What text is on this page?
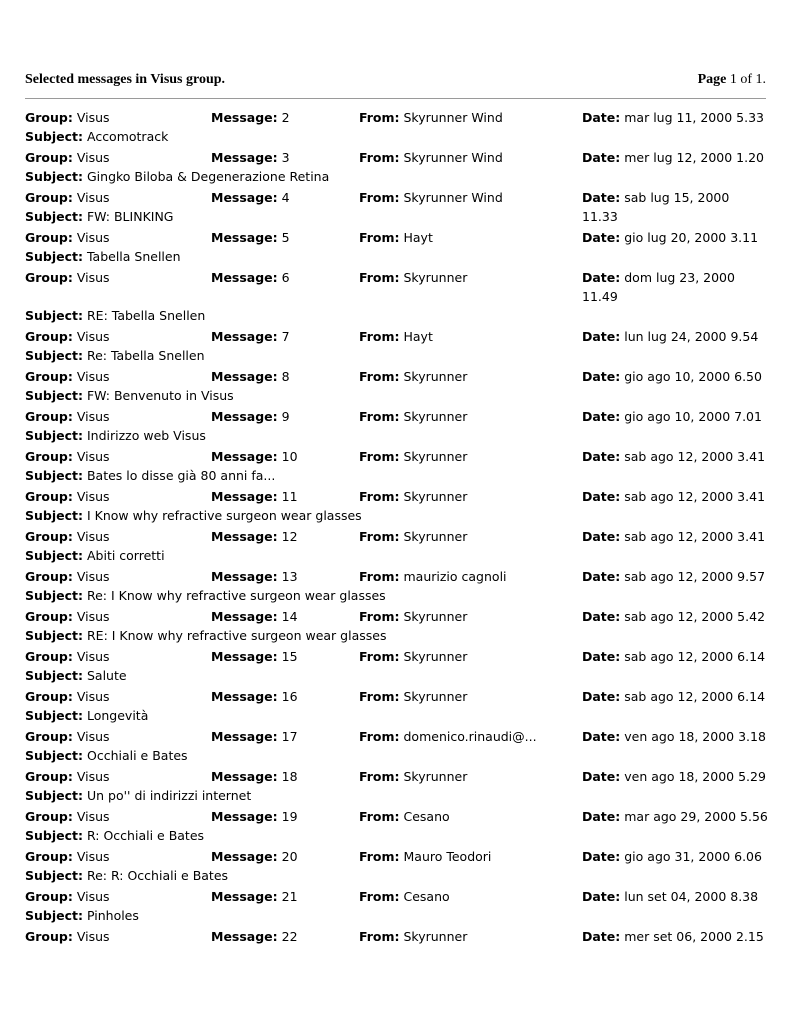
Selected messages in Visus group.	Page 1 of 1.
Group: Visus	Message: 2	From: Skyrunner Wind	Date: mar lug 11, 2000 5.33
Subject: Accomotrack
Group: Visus	Message: 3	From: Skyrunner Wind	Date: mer lug 12, 2000 1.20
Subject: Gingko Biloba & Degenerazione Retina
Group: Visus	Message: 4	From: Skyrunner Wind	Date: sab lug 15, 2000 11.33
Subject: FW: BLINKING
Group: Visus	Message: 5	From: Hayt	Date: gio lug 20, 2000 3.11
Subject: Tabella Snellen
Group: Visus	Message: 6	From: Skyrunner	Date: dom lug 23, 2000 11.49
Subject: RE: Tabella Snellen
Group: Visus	Message: 7	From: Hayt	Date: lun lug 24, 2000 9.54
Subject: Re: Tabella Snellen
Group: Visus	Message: 8	From: Skyrunner	Date: gio ago 10, 2000 6.50
Subject: FW: Benvenuto in Visus
Group: Visus	Message: 9	From: Skyrunner	Date: gio ago 10, 2000 7.01
Subject: Indirizzo web Visus
Group: Visus	Message: 10	From: Skyrunner	Date: sab ago 12, 2000 3.41
Subject: Bates lo disse già 80 anni fa...
Group: Visus	Message: 11	From: Skyrunner	Date: sab ago 12, 2000 3.41
Subject: I Know why refractive surgeon wear glasses
Group: Visus	Message: 12	From: Skyrunner	Date: sab ago 12, 2000 3.41
Subject: Abiti corretti
Group: Visus	Message: 13	From: maurizio cagnoli	Date: sab ago 12, 2000 9.57
Subject: Re: I Know why refractive surgeon wear glasses
Group: Visus	Message: 14	From: Skyrunner	Date: sab ago 12, 2000 5.42
Subject: RE: I Know why refractive surgeon wear glasses
Group: Visus	Message: 15	From: Skyrunner	Date: sab ago 12, 2000 6.14
Subject: Salute
Group: Visus	Message: 16	From: Skyrunner	Date: sab ago 12, 2000 6.14
Subject: Longevità
Group: Visus	Message: 17	From: domenico.rinaudi@...	Date: ven ago 18, 2000 3.18
Subject: Occhiali e Bates
Group: Visus	Message: 18	From: Skyrunner	Date: ven ago 18, 2000 5.29
Subject: Un po'' di indirizzi internet
Group: Visus	Message: 19	From: Cesano	Date: mar ago 29, 2000 5.56
Subject: R: Occhiali e Bates
Group: Visus	Message: 20	From: Mauro Teodori	Date: gio ago 31, 2000 6.06
Subject: Re: R: Occhiali e Bates
Group: Visus	Message: 21	From: Cesano	Date: lun set 04, 2000 8.38
Subject: Pinholes
Group: Visus	Message: 22	From: Skyrunner	Date: mer set 06, 2000 2.15
